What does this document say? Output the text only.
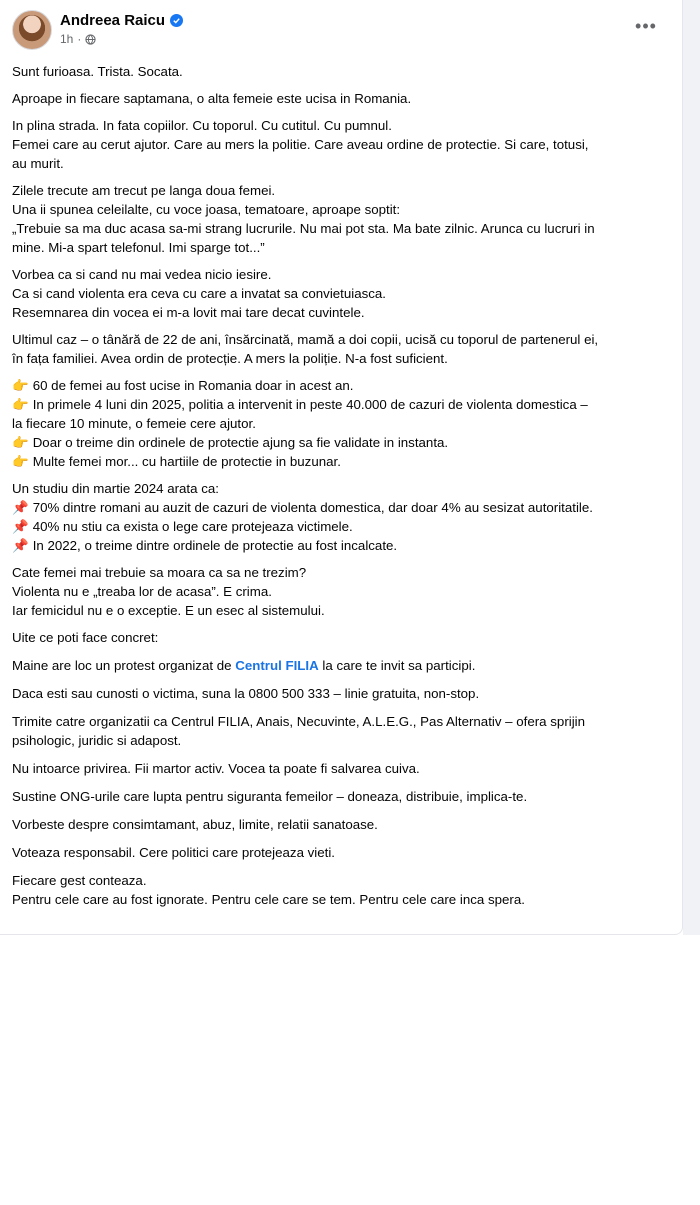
Andreea Raicu
1h ·
•••

Sunt furioasa. Trista. Socata.

Aproape in fiecare saptamana, o alta femeie este ucisa in Romania.

In plina strada. In fata copiilor. Cu toporul. Cu cutitul. Cu pumnul.
Femei care au cerut ajutor. Care au mers la politie. Care aveau ordine de protectie. Si care, totusi,
au murit.

Zilele trecute am trecut pe langa doua femei.
Una ii spunea celeilalte, cu voce joasa, tematoare, aproape soptit:
„Trebuie sa ma duc acasa sa-mi strang lucrurile. Nu mai pot sta. Ma bate zilnic. Arunca cu lucruri in
mine. Mi-a spart telefonul. Imi sparge tot...”

Vorbea ca si cand nu mai vedea nicio iesire.
Ca si cand violenta era ceva cu care a invatat sa convietuiasca.
Resemnarea din vocea ei m-a lovit mai tare decat cuvintele.

Ultimul caz – o tânără de 22 de ani, însărcinată, mamă a doi copii, ucisă cu toporul de partenerul ei,
în fața familiei. Avea ordin de protecție. A mers la poliție. N-a fost suficient.

👉 60 de femei au fost ucise in Romania doar in acest an.
👉 In primele 4 luni din 2025, politia a intervenit in peste 40.000 de cazuri de violenta domestica –
la fiecare 10 minute, o femeie cere ajutor.
👉 Doar o treime din ordinele de protectie ajung sa fie validate in instanta.
👉 Multe femei mor... cu hartiile de protectie in buzunar.

Un studiu din martie 2024 arata ca:
📌 70% dintre romani au auzit de cazuri de violenta domestica, dar doar 4% au sesizat autoritatile.
📌 40% nu stiu ca exista o lege care protejeaza victimele.
📌 In 2022, o treime dintre ordinele de protectie au fost incalcate.

Cate femei mai trebuie sa moara ca sa ne trezim?
Violenta nu e „treaba lor de acasa”. E crima.
Iar femicidul nu e o exceptie. E un esec al sistemului.

Uite ce poti face concret:

Maine are loc un protest organizat de Centrul FILIA la care te invit sa participi.

Daca esti sau cunosti o victima, suna la 0800 500 333 – linie gratuita, non-stop.

Trimite catre organizatii ca Centrul FILIA, Anais, Necuvinte, A.L.E.G., Pas Alternativ – ofera sprijin
psihologic, juridic si adapost.

Nu intoarce privirea. Fii martor activ. Vocea ta poate fi salvarea cuiva.

Sustine ONG-urile care lupta pentru siguranta femeilor – doneaza, distribuie, implica-te.

Vorbeste despre consimtamant, abuz, limite, relatii sanatoase.

Voteaza responsabil. Cere politici care protejeaza vieti.

Fiecare gest conteaza.
Pentru cele care au fost ignorate. Pentru cele care se tem. Pentru cele care inca spera.
